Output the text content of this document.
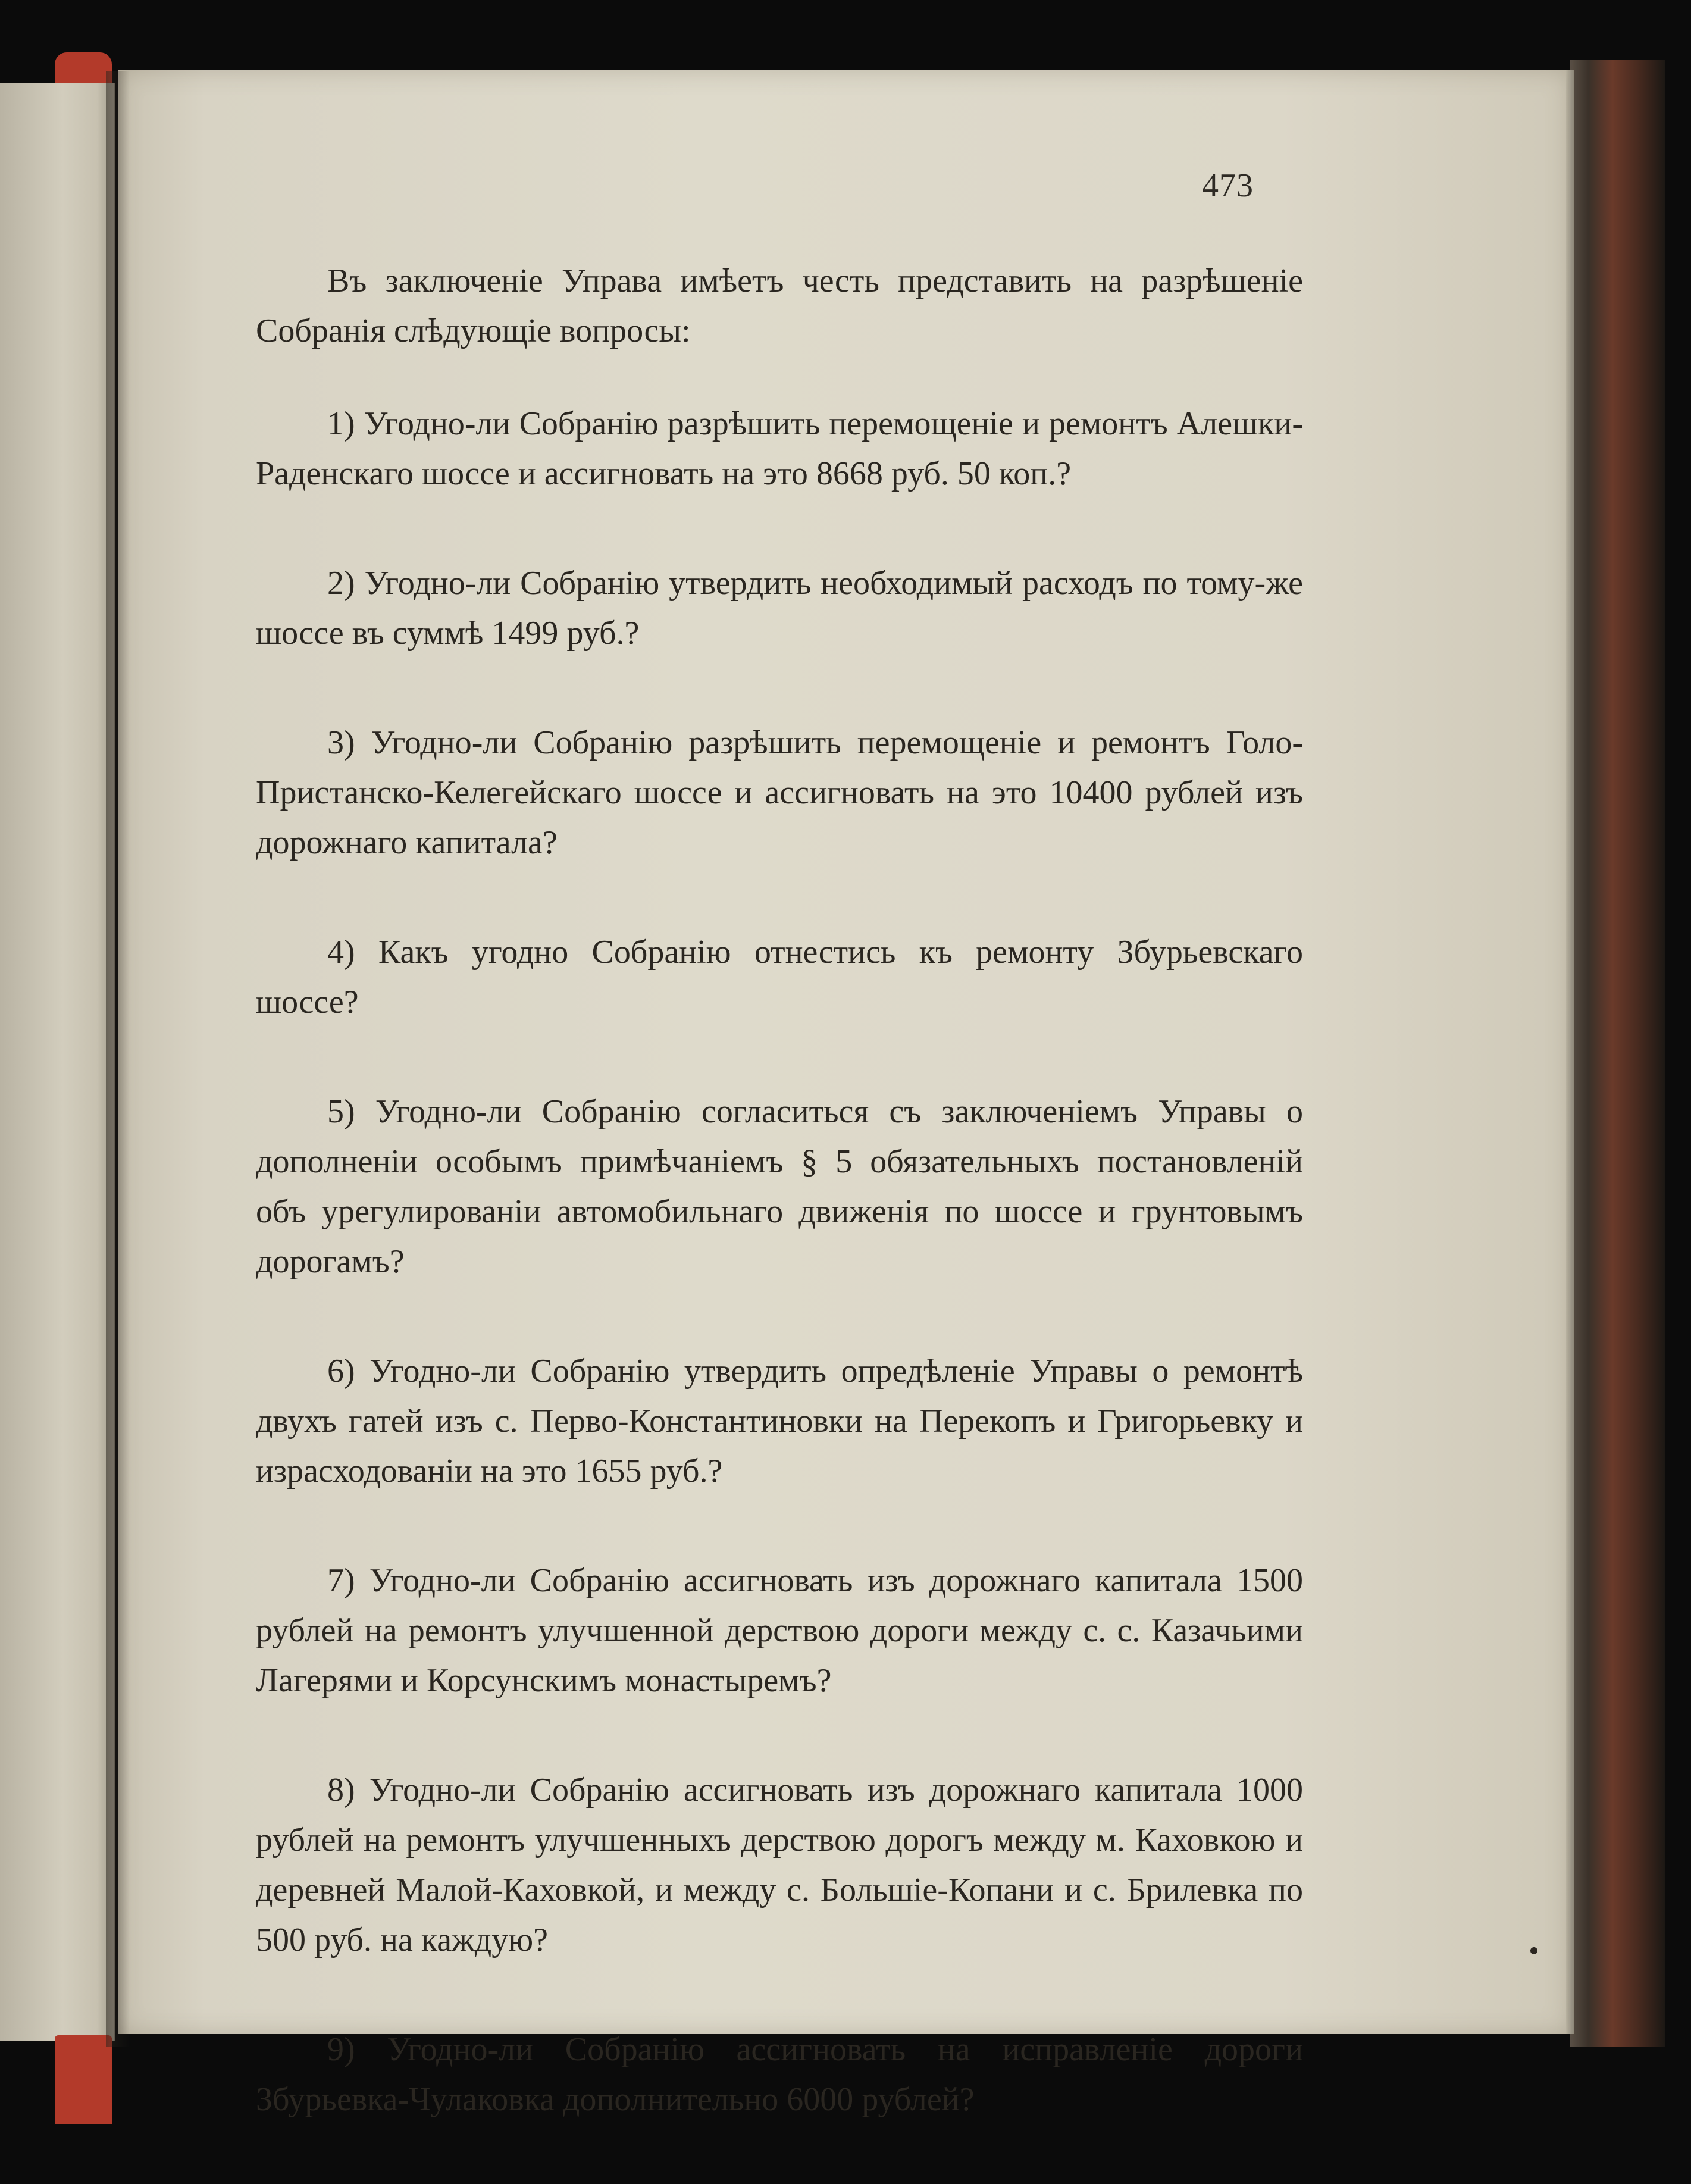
473

Въ заключеніе Управа имѣетъ честь представить на разрѣшеніе Собранія слѣдующіе вопросы:

1) Угодно-ли Собранію разрѣшить перемощеніе и ремонтъ Алешки-Раденскаго шоссе и ассигновать на это 8668 руб. 50 коп.?

2) Угодно-ли Собранію утвердить необходимый расходъ по тому-же шоссе въ суммѣ 1499 руб.?

3) Угодно-ли Собранію разрѣшить перемощеніе и ремонтъ Голо-Пристанско-Келегейскаго шоссе и ассигновать на это 10400 рублей изъ дорожнаго капитала?

4) Какъ угодно Собранію отнестись къ ремонту Збурьевскаго шоссе?

5) Угодно-ли Собранію согласиться съ заключеніемъ Управы о дополненіи особымъ примѣчаніемъ § 5 обязательныхъ постановленій объ урегулированіи автомобильнаго движенія по шоссе и грунтовымъ дорогамъ?

6) Угодно-ли Собранію утвердить опредѣленіе Управы о ремонтѣ двухъ гатей изъ с. Перво-Константиновки на Перекопъ и Григорьевку и израсходованіи на это 1655 руб.?

7) Угодно-ли Собранію ассигновать изъ дорожнаго капитала 1500 рублей на ремонтъ улучшенной дерствою дороги между с. с. Казачьими Лагерями и Корсунскимъ монастыремъ?

8) Угодно-ли Собранію ассигновать изъ дорожнаго капитала 1000 рублей на ремонтъ улучшенныхъ дерствою дорогъ между м. Каховкою и деревней Малой-Каховкой, и между с. Большіе-Копани и с. Брилевка по 500 руб. на каждую?

9) Угодно-ли Собранію ассигновать на исправленіе дороги Збурьевка-Чулаковка дополнительно 6000 рублей?
